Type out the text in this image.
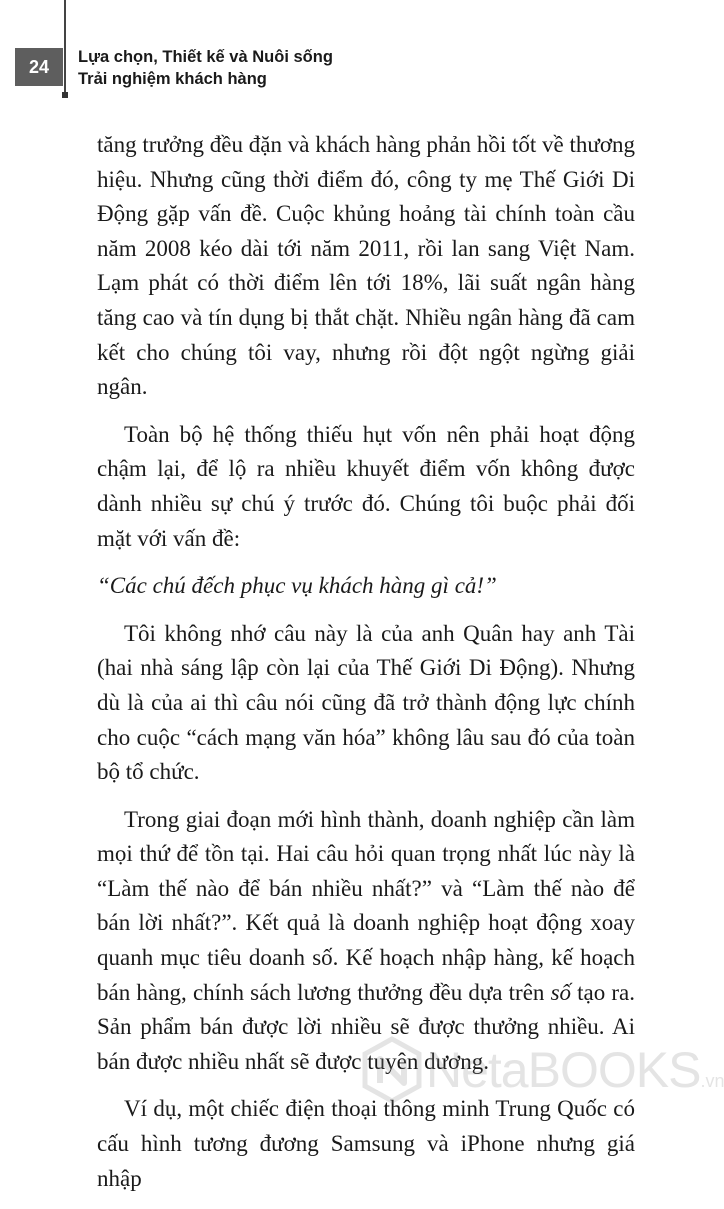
24 Lựa chọn, Thiết kế và Nuôi sống
Trải nghiệm khách hàng

tăng trưởng đều đặn và khách hàng phản hồi tốt về thương hiệu. Nhưng cũng thời điểm đó, công ty mẹ Thế Giới Di Động gặp vấn đề. Cuộc khủng hoảng tài chính toàn cầu năm 2008 kéo dài tới năm 2011, rồi lan sang Việt Nam. Lạm phát có thời điểm lên tới 18%, lãi suất ngân hàng tăng cao và tín dụng bị thắt chặt. Nhiều ngân hàng đã cam kết cho chúng tôi vay, nhưng rồi đột ngột ngừng giải ngân.

Toàn bộ hệ thống thiếu hụt vốn nên phải hoạt động chậm lại, để lộ ra nhiều khuyết điểm vốn không được dành nhiều sự chú ý trước đó. Chúng tôi buộc phải đối mặt với vấn đề:

“Các chú đếch phục vụ khách hàng gì cả!”

Tôi không nhớ câu này là của anh Quân hay anh Tài (hai nhà sáng lập còn lại của Thế Giới Di Động). Nhưng dù là của ai thì câu nói cũng đã trở thành động lực chính cho cuộc “cách mạng văn hóa” không lâu sau đó của toàn bộ tổ chức.

Trong giai đoạn mới hình thành, doanh nghiệp cần làm mọi thứ để tồn tại. Hai câu hỏi quan trọng nhất lúc này là “Làm thế nào để bán nhiều nhất?” và “Làm thế nào để bán lời nhất?”. Kết quả là doanh nghiệp hoạt động xoay quanh mục tiêu doanh số. Kế hoạch nhập hàng, kế hoạch bán hàng, chính sách lương thưởng đều dựa trên số tạo ra. Sản phẩm bán được lời nhiều sẽ được thưởng nhiều. Ai bán được nhiều nhất sẽ được tuyên dương.

Ví dụ, một chiếc điện thoại thông minh Trung Quốc có cấu hình tương đương Samsung và iPhone nhưng giá nhập

NetaBOOKS .vn
